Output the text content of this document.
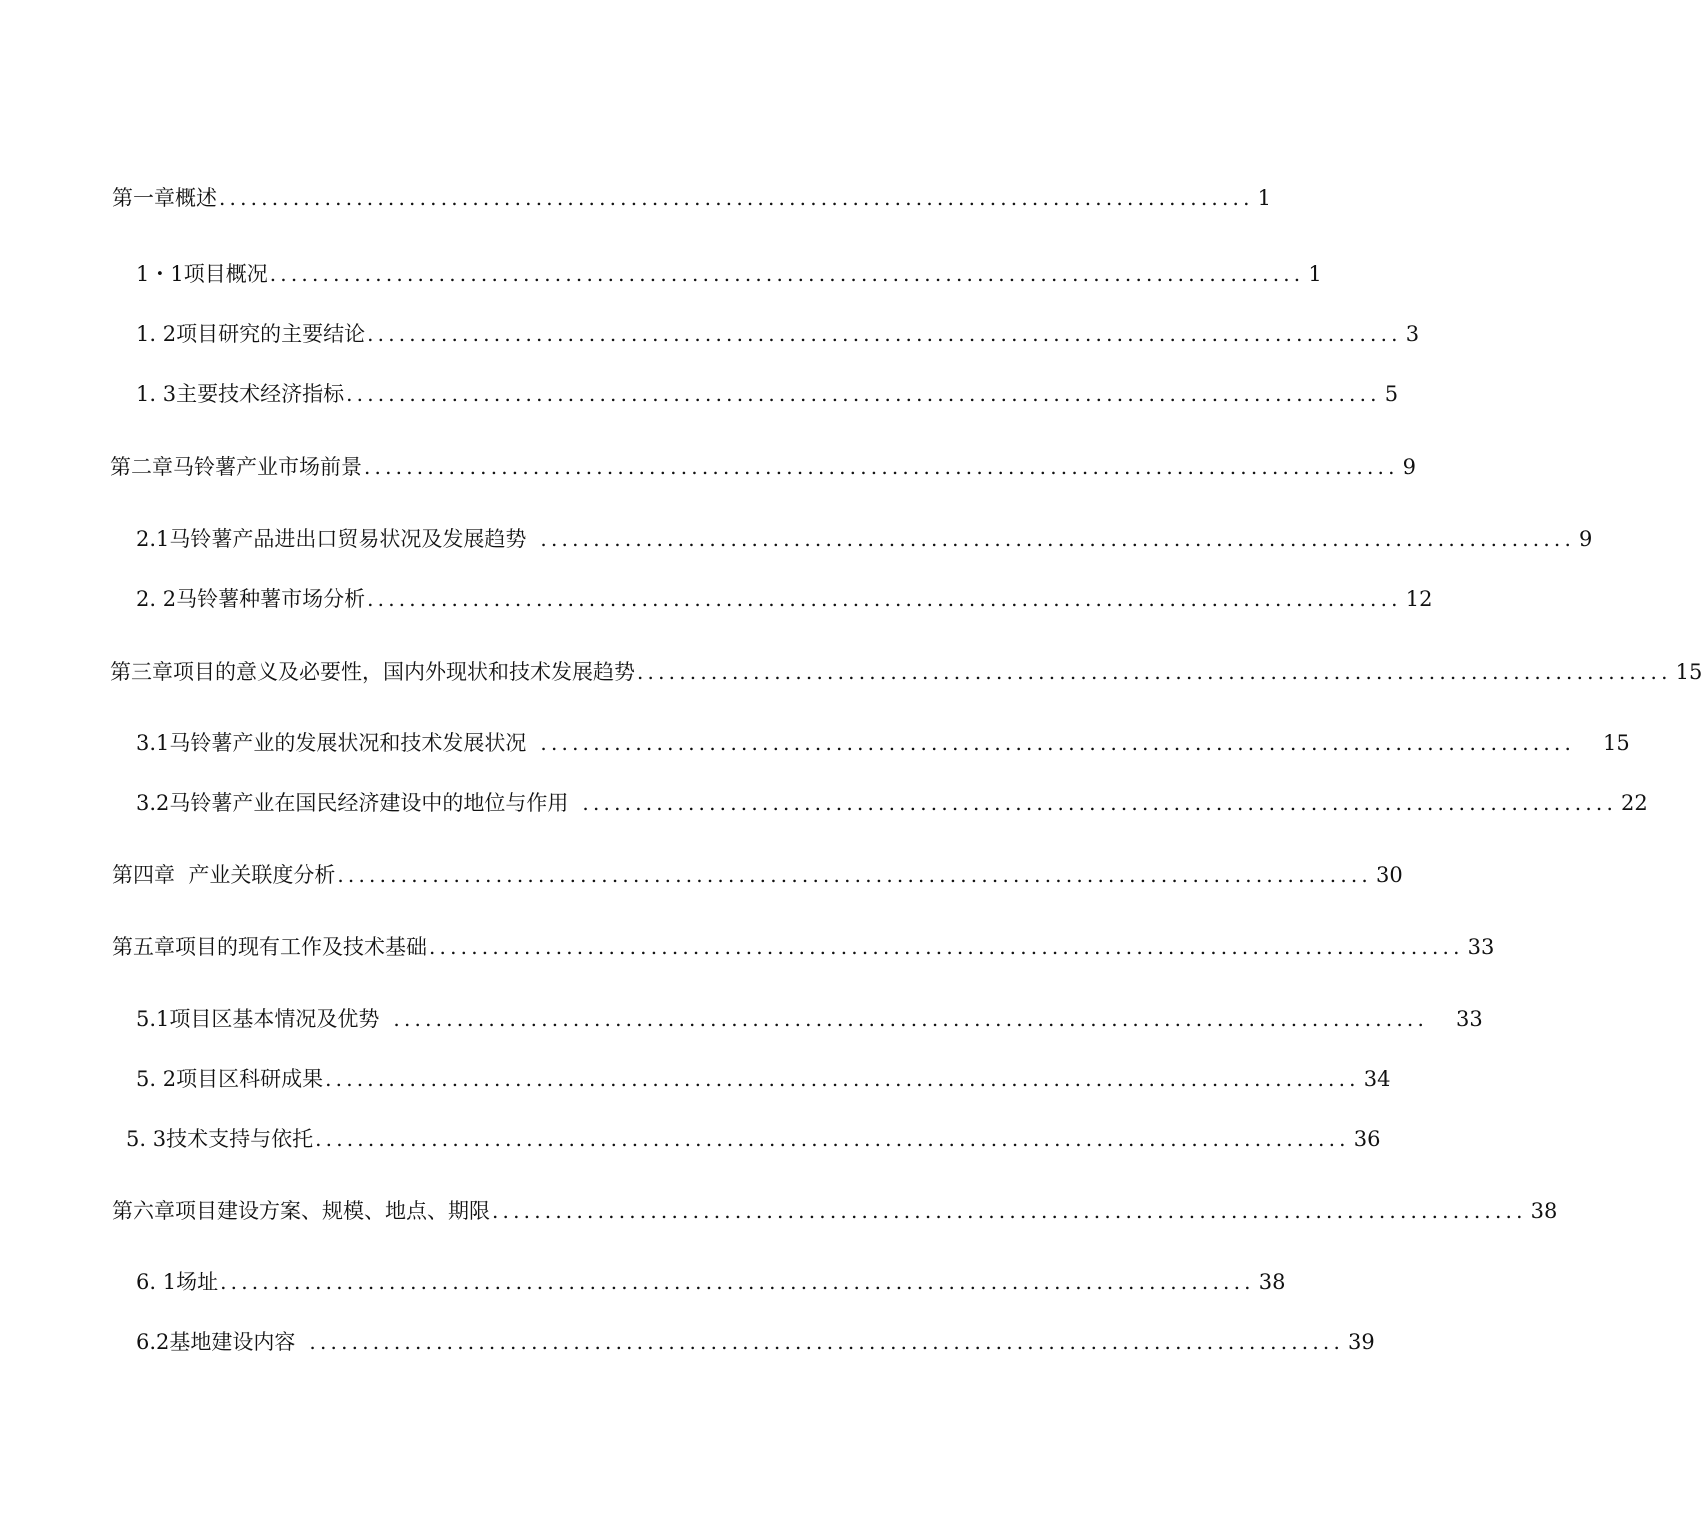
第一章概述 .................................................................................................. 1
1・1项目概况 .................................................................................................. 1
1. 2项目研究的主要结论 .................................................................................................. 3
1. 3主要技术经济指标 .................................................................................................. 5
第二章马铃薯产业市场前景 .................................................................................................. 9
2.1马铃薯产品进出口贸易状况及发展趋势 .................................................................................................. 9
2. 2马铃薯种薯市场分析 .................................................................................................. 12
第三章项目的意义及必要性，国内外现状和技术发展趋势 .................................................................................................. 15
3.1马铃薯产业的发展状况和技术发展状况 .................................................................................................. 15
3.2马铃薯产业在国民经济建设中的地位与作用 .................................................................................................. 22
第四章  产业关联度分析 .................................................................................................. 30
第五章项目的现有工作及技术基础 .................................................................................................. 33
5.1项目区基本情况及优势 .................................................................................................. 33
5. 2项目区科研成果 .................................................................................................. 34
5. 3技术支持与依托 .................................................................................................. 36
第六章项目建设方案、规模、地点、期限 .................................................................................................. 38
6. 1场址 .................................................................................................. 38
6.2基地建设内容 .................................................................................................. 39
